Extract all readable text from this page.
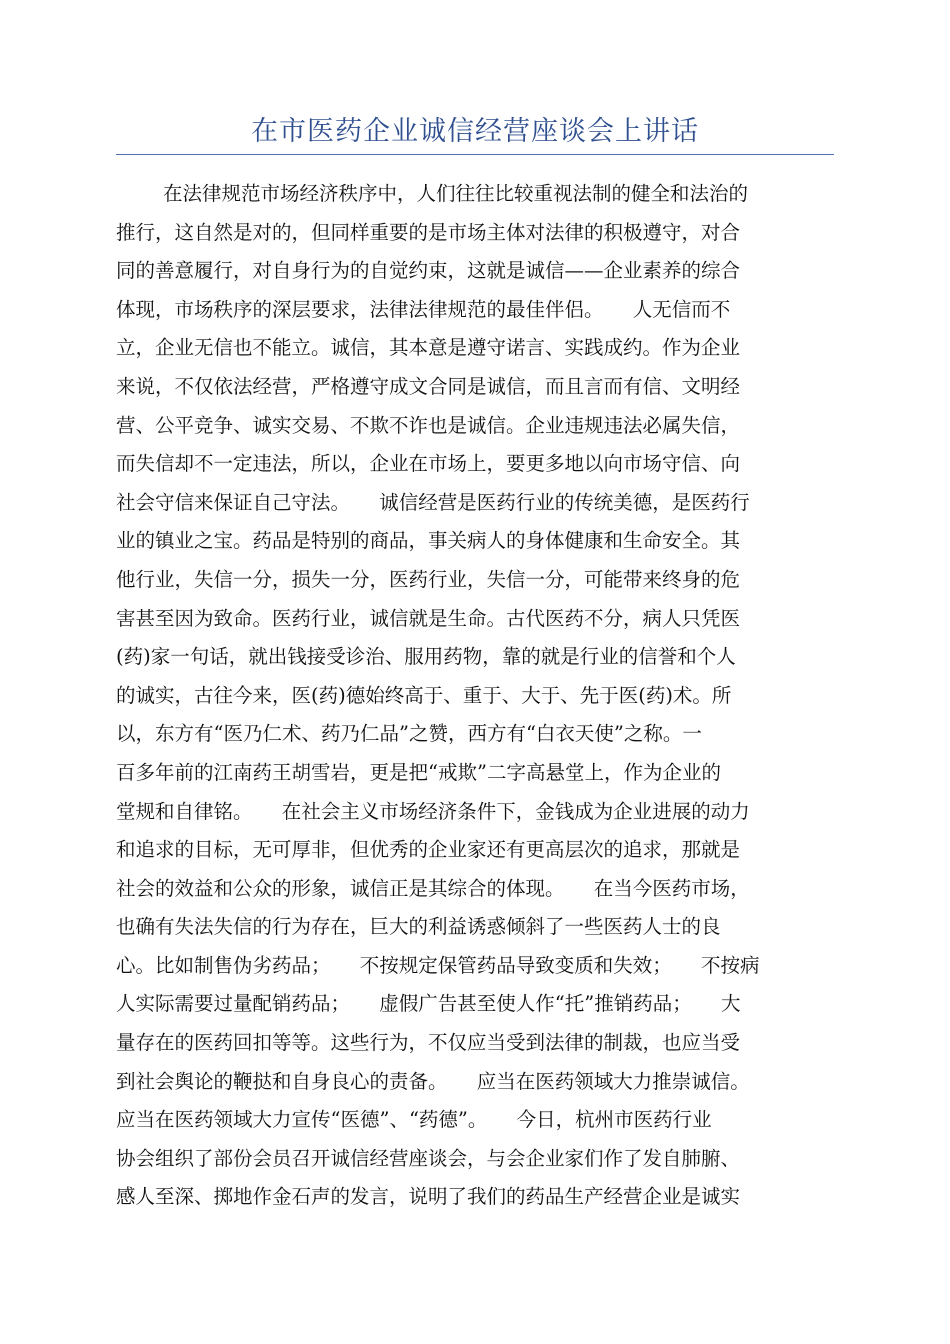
在市医药企业诚信经营座谈会上讲话
在法律规范市场经济秩序中，人们往往比较重视法制的健全和法治的
推行，这自然是对的，但同样重要的是市场主体对法律的积极遵守，对合
同的善意履行，对自身行为的自觉约束，这就是诚信——企业素养的综合
体现，市场秩序的深层要求，法律法律规范的最佳伴侣。　　人无信而不
立，企业无信也不能立。诚信，其本意是遵守诺言、实践成约。作为企业
来说，不仅依法经营，严格遵守成文合同是诚信，而且言而有信、文明经
营、公平竞争、诚实交易、不欺不诈也是诚信。企业违规违法必属失信，
而失信却不一定违法，所以，企业在市场上，要更多地以向市场守信、向
社会守信来保证自己守法。　　诚信经营是医药行业的传统美德，是医药行
业的镇业之宝。药品是特别的商品，事关病人的身体健康和生命安全。其
他行业，失信一分，损失一分，医药行业，失信一分，可能带来终身的危
害甚至因为致命。医药行业，诚信就是生命。古代医药不分，病人只凭医
(药)家一句话，就出钱接受诊治、服用药物，靠的就是行业的信誉和个人
的诚实，古往今来，医(药)德始终高于、重于、大于、先于医(药)术。所
以，东方有“医乃仁术、药乃仁品”之赞，西方有“白衣天使”之称。一
百多年前的江南药王胡雪岩，更是把“戒欺”二字高悬堂上，作为企业的
堂规和自律铭。　　在社会主义市场经济条件下，金钱成为企业进展的动力
和追求的目标，无可厚非，但优秀的企业家还有更高层次的追求，那就是
社会的效益和公众的形象，诚信正是其综合的体现。　　在当今医药市场，
也确有失法失信的行为存在，巨大的利益诱惑倾斜了一些医药人士的良
心。比如制售伪劣药品；　　不按规定保管药品导致变质和失效；　　不按病
人实际需要过量配销药品；　　虚假广告甚至使人作“托”推销药品；　　大
量存在的医药回扣等等。这些行为，不仅应当受到法律的制裁，也应当受
到社会舆论的鞭挞和自身良心的责备。　　应当在医药领域大力推崇诚信。
应当在医药领域大力宣传“医德”、“药德”。　　今日，杭州市医药行业
协会组织了部份会员召开诚信经营座谈会，与会企业家们作了发自肺腑、
感人至深、掷地作金石声的发言，说明了我们的药品生产经营企业是诚实
